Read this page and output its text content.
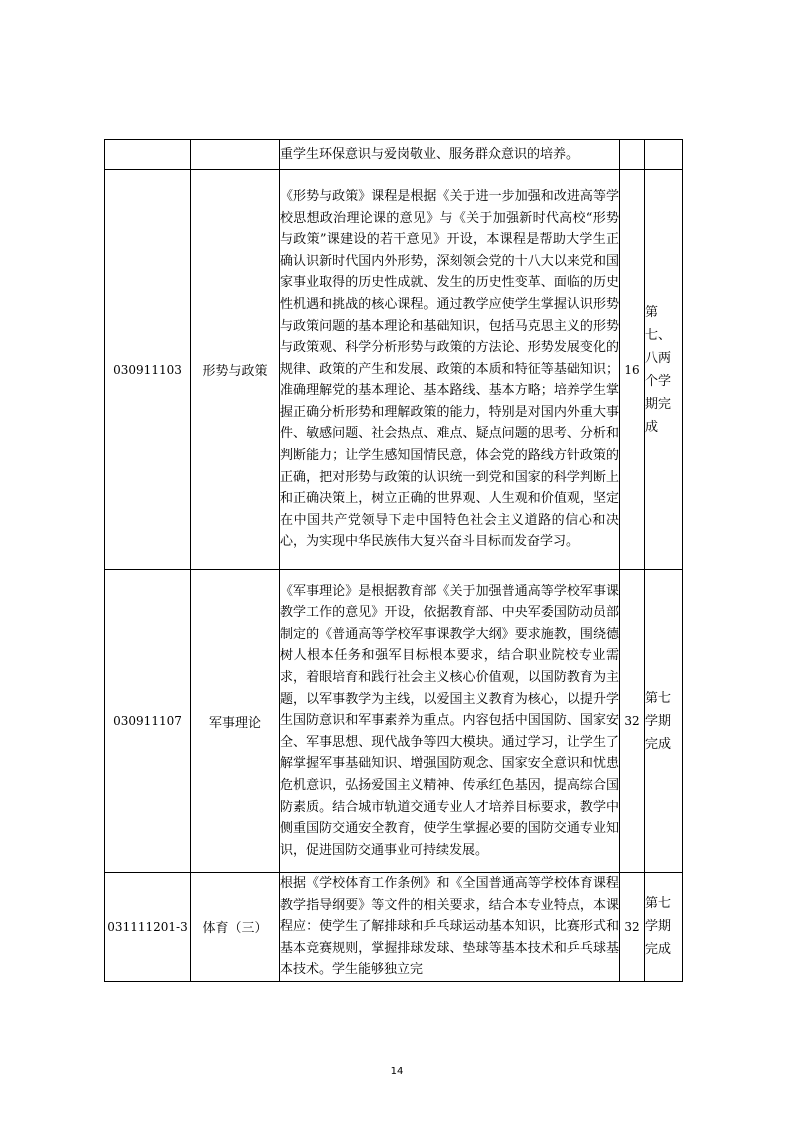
		重学生环保意识与爱岗敬业、服务群众意识的培养。		
030911103	形势与政策	《形势与政策》课程是根据《关于进一步加强和改进高等学校思想政治理论课的意见》与《关于加强新时代高校“形势与政策”课建设的若干意见》开设，本课程是帮助大学生正确认识新时代国内外形势，深刻领会党的十八大以来党和国家事业取得的历史性成就、发生的历史性变革、面临的历史性机遇和挑战的核心课程。通过教学应使学生掌握认识形势与政策问题的基本理论和基础知识，包括马克思主义的形势与政策观、科学分析形势与政策的方法论、形势发展变化的规律、政策的产生和发展、政策的本质和特征等基础知识；准确理解党的基本理论、基本路线、基本方略；培养学生掌握正确分析形势和理解政策的能力，特别是对国内外重大事件、敏感问题、社会热点、难点、疑点问题的思考、分析和判断能力；让学生感知国情民意，体会党的路线方针政策的正确，把对形势与政策的认识统一到党和国家的科学判断上和正确决策上，树立正确的世界观、人生观和价值观，坚定在中国共产党领导下走中国特色社会主义道路的信心和决心，为实现中华民族伟大复兴奋斗目标而发奋学习。	16	第七、八两个学期完成
030911107	军事理论	《军事理论》是根据教育部《关于加强普通高等学校军事课教学工作的意见》开设，依据教育部、中央军委国防动员部制定的《普通高等学校军事课教学大纲》要求施教，围绕德树人根本任务和强军目标根本要求，结合职业院校专业需求，着眼培育和践行社会主义核心价值观，以国防教育为主题，以军事教学为主线，以爱国主义教育为核心，以提升学生国防意识和军事素养为重点。内容包括中国国防、国家安全、军事思想、现代战争等四大模块。通过学习，让学生了解掌握军事基础知识、增强国防观念、国家安全意识和忧患危机意识，弘扬爱国主义精神、传承红色基因，提高综合国防素质。结合城市轨道交通专业人才培养目标要求，教学中侧重国防交通安全教育，使学生掌握必要的国防交通专业知识，促进国防交通事业可持续发展。	32	第七学期完成
031111201-3	体育（三）	根据《学校体育工作条例》和《全国普通高等学校体育课程教学指导纲要》等文件的相关要求，结合本专业特点，本课程应：使学生了解排球和乒乓球运动基本知识，比赛形式和基本竞赛规则，掌握排球发球、垫球等基本技术和乒乓球基本技术。学生能够独立完	32	第七学期完成
14
